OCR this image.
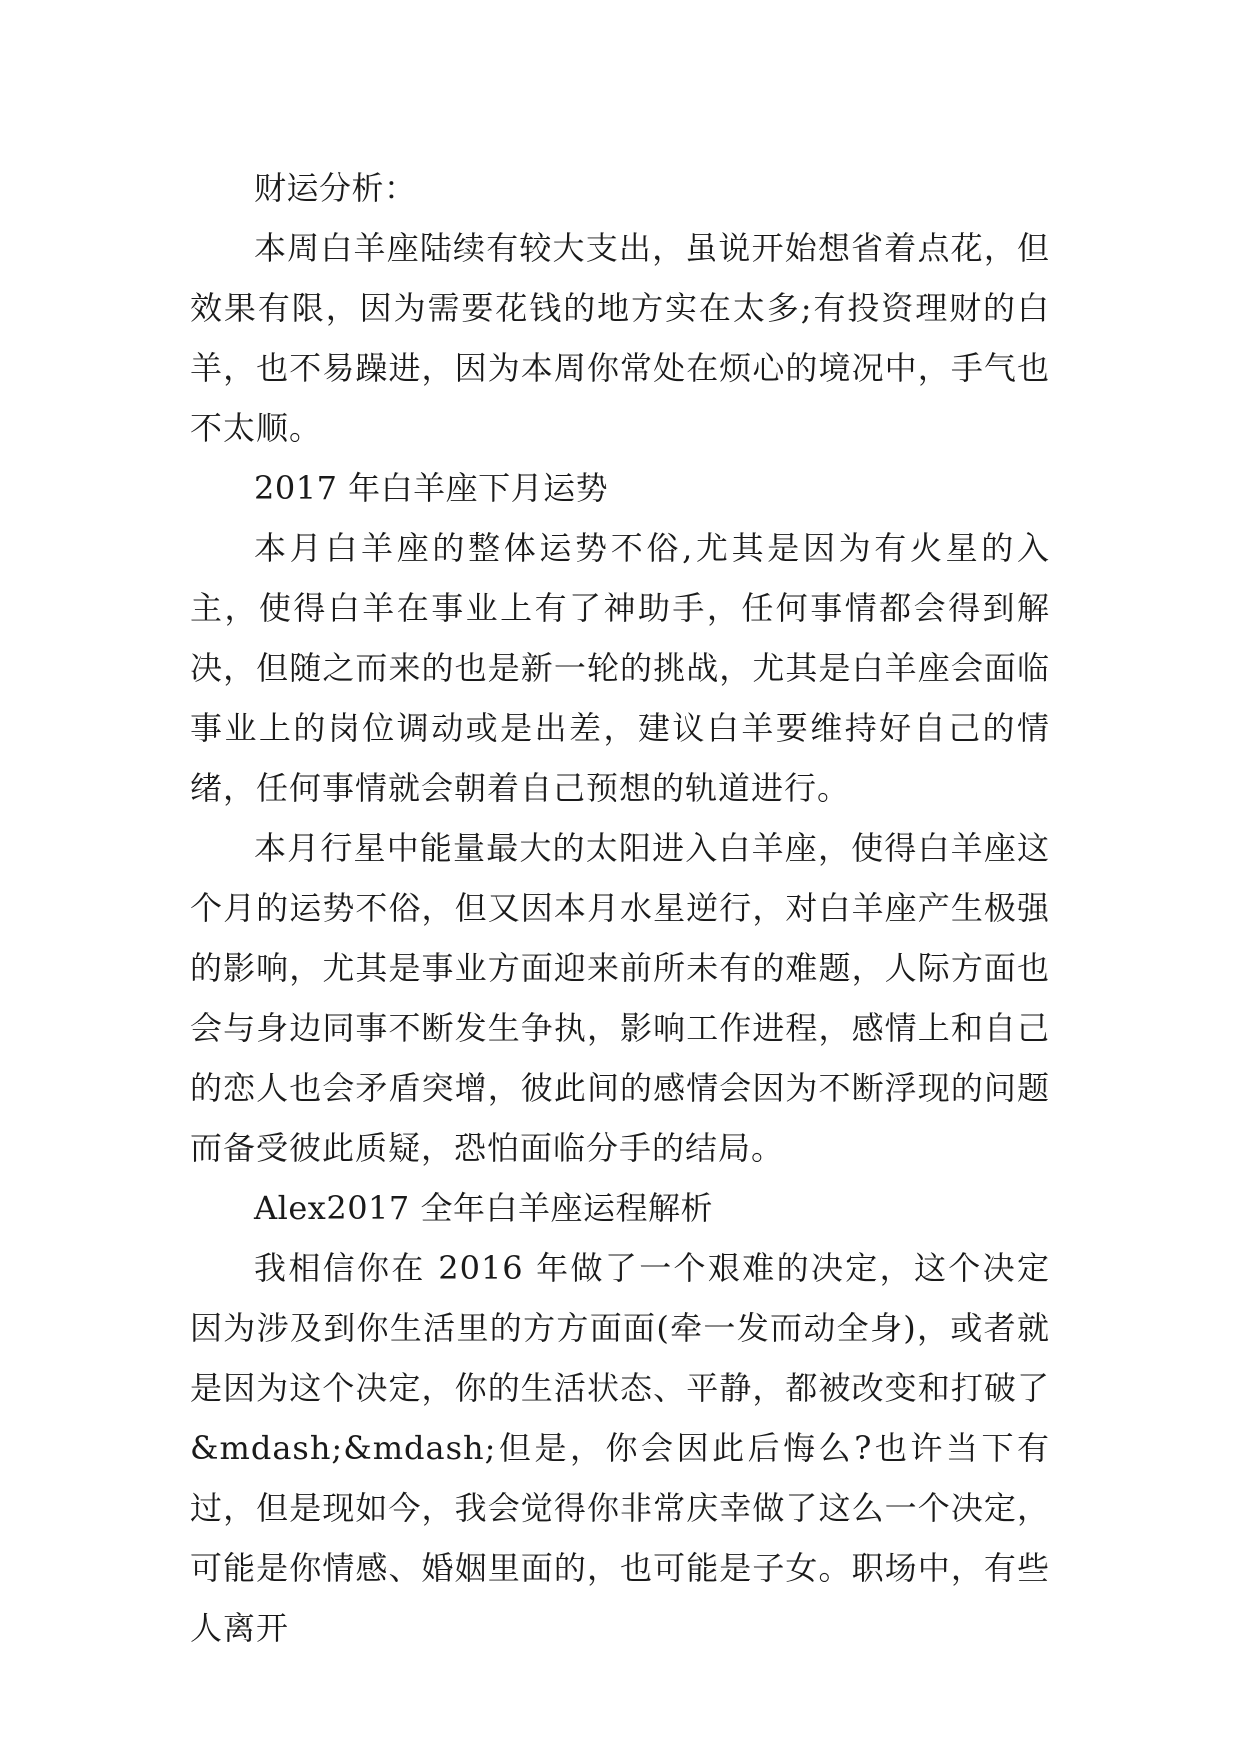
财运分析：

本周白羊座陆续有较大支出，虽说开始想省着点花，但效果有限，因为需要花钱的地方实在太多;有投资理财的白羊，也不易躁进，因为本周你常处在烦心的境况中，手气也不太顺。

2017 年白羊座下月运势

本月白羊座的整体运势不俗,尤其是因为有火星的入主，使得白羊在事业上有了神助手，任何事情都会得到解决，但随之而来的也是新一轮的挑战，尤其是白羊座会面临事业上的岗位调动或是出差，建议白羊要维持好自己的情绪，任何事情就会朝着自己预想的轨道进行。

本月行星中能量最大的太阳进入白羊座，使得白羊座这个月的运势不俗，但又因本月水星逆行，对白羊座产生极强的影响，尤其是事业方面迎来前所未有的难题，人际方面也会与身边同事不断发生争执，影响工作进程，感情上和自己的恋人也会矛盾突增，彼此间的感情会因为不断浮现的问题而备受彼此质疑，恐怕面临分手的结局。

Alex2017 全年白羊座运程解析

我相信你在 2016 年做了一个艰难的决定，这个决定因为涉及到你生活里的方方面面(牵一发而动全身)，或者就是因为这个决定，你的生活状态、平静，都被改变和打破了&mdash;&mdash;但是，你会因此后悔么?也许当下有过，但是现如今，我会觉得你非常庆幸做了这么一个决定，可能是你情感、婚姻里面的，也可能是子女。职场中，有些人离开
